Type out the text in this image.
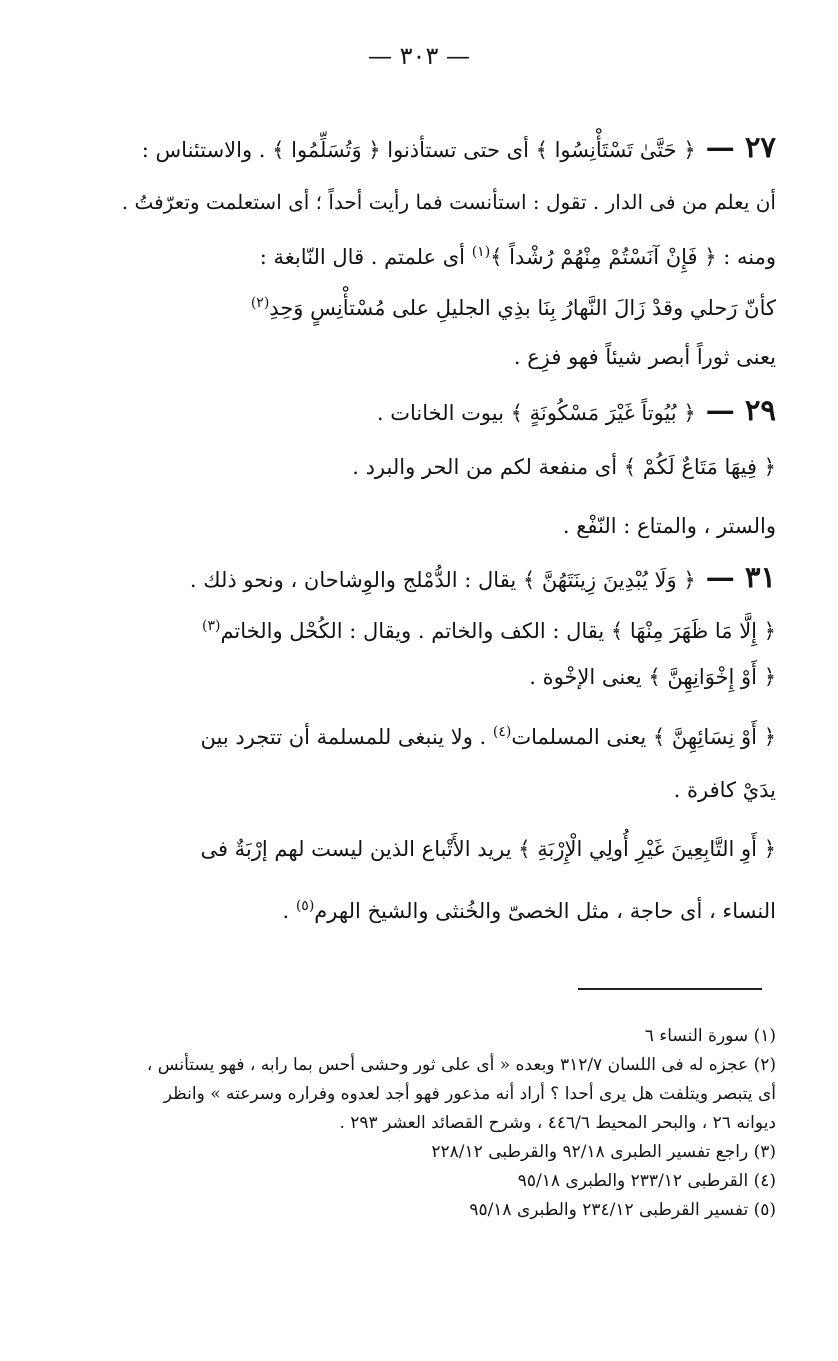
— ٣٠٣ —
٢٧ — ﴿ حَتَّىٰ تَسْتَأْنِسُوا ﴾ أى حتى تستأذنوا ﴿ وَتُسَلِّمُوا ﴾ . والاستئناس :
أن يعلم من فى الدار . تقول : استأنست فما رأيت أحداً ؛ أى استعلمت وتعرّفتُ .
ومنه : ﴿ فَإِنْ آنَسْتُمْ مِنْهُمْ رُشْداً ﴾$^{(١)}$ أى علمتم . قال النّابغة :
كأنّ رَحلي وقدْ زَالَ النَّهارُ بِنَا بذِي الجليلِ على مُسْتأْنِسٍ وَحِدِ$^{(٢)}$
يعنى ثوراً أبصر شيئاً فهو فزِع .
٢٩ — ﴿ بُيُوتاً غَيْرَ مَسْكُونَةٍ ﴾ بيوت الخانات .
﴿ فِيهَا مَتَاعٌ لَكُمْ ﴾ أى منفعة لكم من الحر والبرد .
والستر ، والمتاع : النّفْع .
٣١ — ﴿ وَلَا يُبْدِينَ زِينَتَهُنَّ ﴾ يقال : الدُّمْلج والوِشاحان ، ونحو ذلك .
﴿ إِلَّا مَا ظَهَرَ مِنْهَا ﴾ يقال : الكف والخاتم . ويقال : الكُحْل والخاتم$^{(٣)}$
﴿ أَوْ إِخْوَانِهِنَّ ﴾ يعنى الإخْوة .
﴿ أَوْ نِسَائِهِنَّ ﴾ يعنى المسلمات$^{(٤)}$ . ولا ينبغى للمسلمة أن تتجرد بين
يدَيْ كافرة .
﴿ أَوِ التَّابِعِينَ غَيْرِ أُولِي الْإِرْبَةِ ﴾ يريد الأَتْباع الذين ليست لهم إرْبَةٌ فى
النساء ، أى حاجة ، مثل الخصىّ والخُنثى والشيخ الهرم$^{(٥)}$ .
(١) سورة النساء ٦
(٢) عجزه له فى اللسان ٣١٢/٧ وبعده « أى على ثور وحشى أحس بما رابه ، فهو يستأنس ،
أى يتبصر ويتلفت هل يرى أحدا ؟ أراد أنه مذعور فهو أجد لعدوه وفراره وسرعته » وانظر
ديوانه ٢٦ ، والبحر المحيط ٤٤٦/٦ ، وشرح القصائد العشر ٢٩٣ .
(٣) راجع تفسير الطبرى ٩٢/١٨ والقرطبى ٢٢٨/١٢
(٤) القرطبى ٢٣٣/١٢ والطبرى ٩٥/١٨
(٥) تفسير القرطبى ٢٣٤/١٢ والطبرى ٩٥/١٨
